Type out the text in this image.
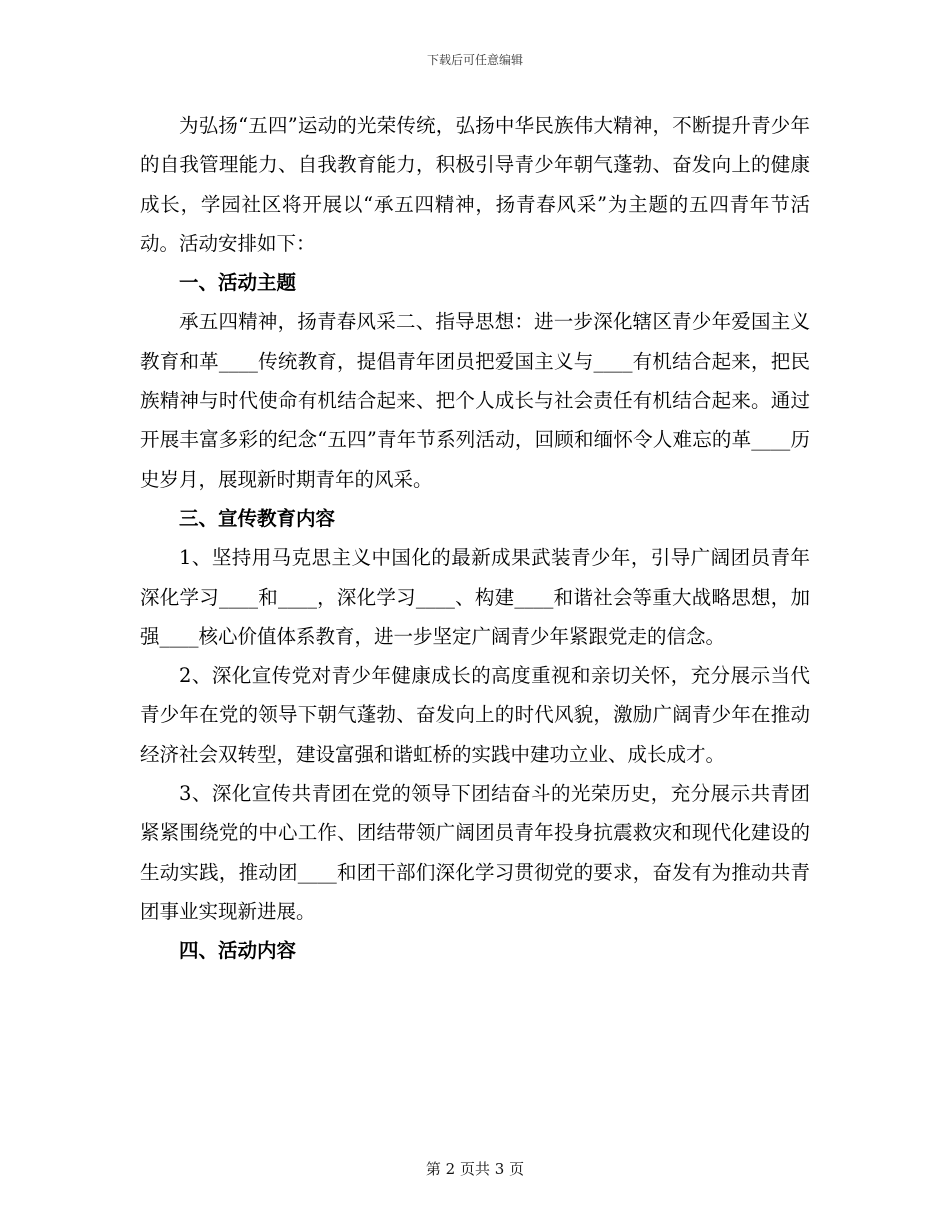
下载后可任意编辑

为弘扬“五四”运动的光荣传统，弘扬中华民族伟大精神，不断提升青少年的自我管理能力、自我教育能力，积极引导青少年朝气蓬勃、奋发向上的健康成长，学园社区将开展以“承五四精神，扬青春风采”为主题的五四青年节活动。活动安排如下：

一、活动主题

承五四精神，扬青春风采二、指导思想：进一步深化辖区青少年爱国主义教育和革____传统教育，提倡青年团员把爱国主义与____有机结合起来，把民族精神与时代使命有机结合起来、把个人成长与社会责任有机结合起来。通过开展丰富多彩的纪念“五四”青年节系列活动，回顾和缅怀令人难忘的革____历史岁月，展现新时期青年的风采。

三、宣传教育内容

1、坚持用马克思主义中国化的最新成果武装青少年，引导广阔团员青年深化学习____和____，深化学习____、构建____和谐社会等重大战略思想，加强____核心价值体系教育，进一步坚定广阔青少年紧跟党走的信念。

2、深化宣传党对青少年健康成长的高度重视和亲切关怀，充分展示当代青少年在党的领导下朝气蓬勃、奋发向上的时代风貌，激励广阔青少年在推动经济社会双转型，建设富强和谐虹桥的实践中建功立业、成长成才。

3、深化宣传共青团在党的领导下团结奋斗的光荣历史，充分展示共青团紧紧围绕党的中心工作、团结带领广阔团员青年投身抗震救灾和现代化建设的生动实践，推动团____和团干部们深化学习贯彻党的要求，奋发有为推动共青团事业实现新进展。

四、活动内容
第 2 页共 3 页
